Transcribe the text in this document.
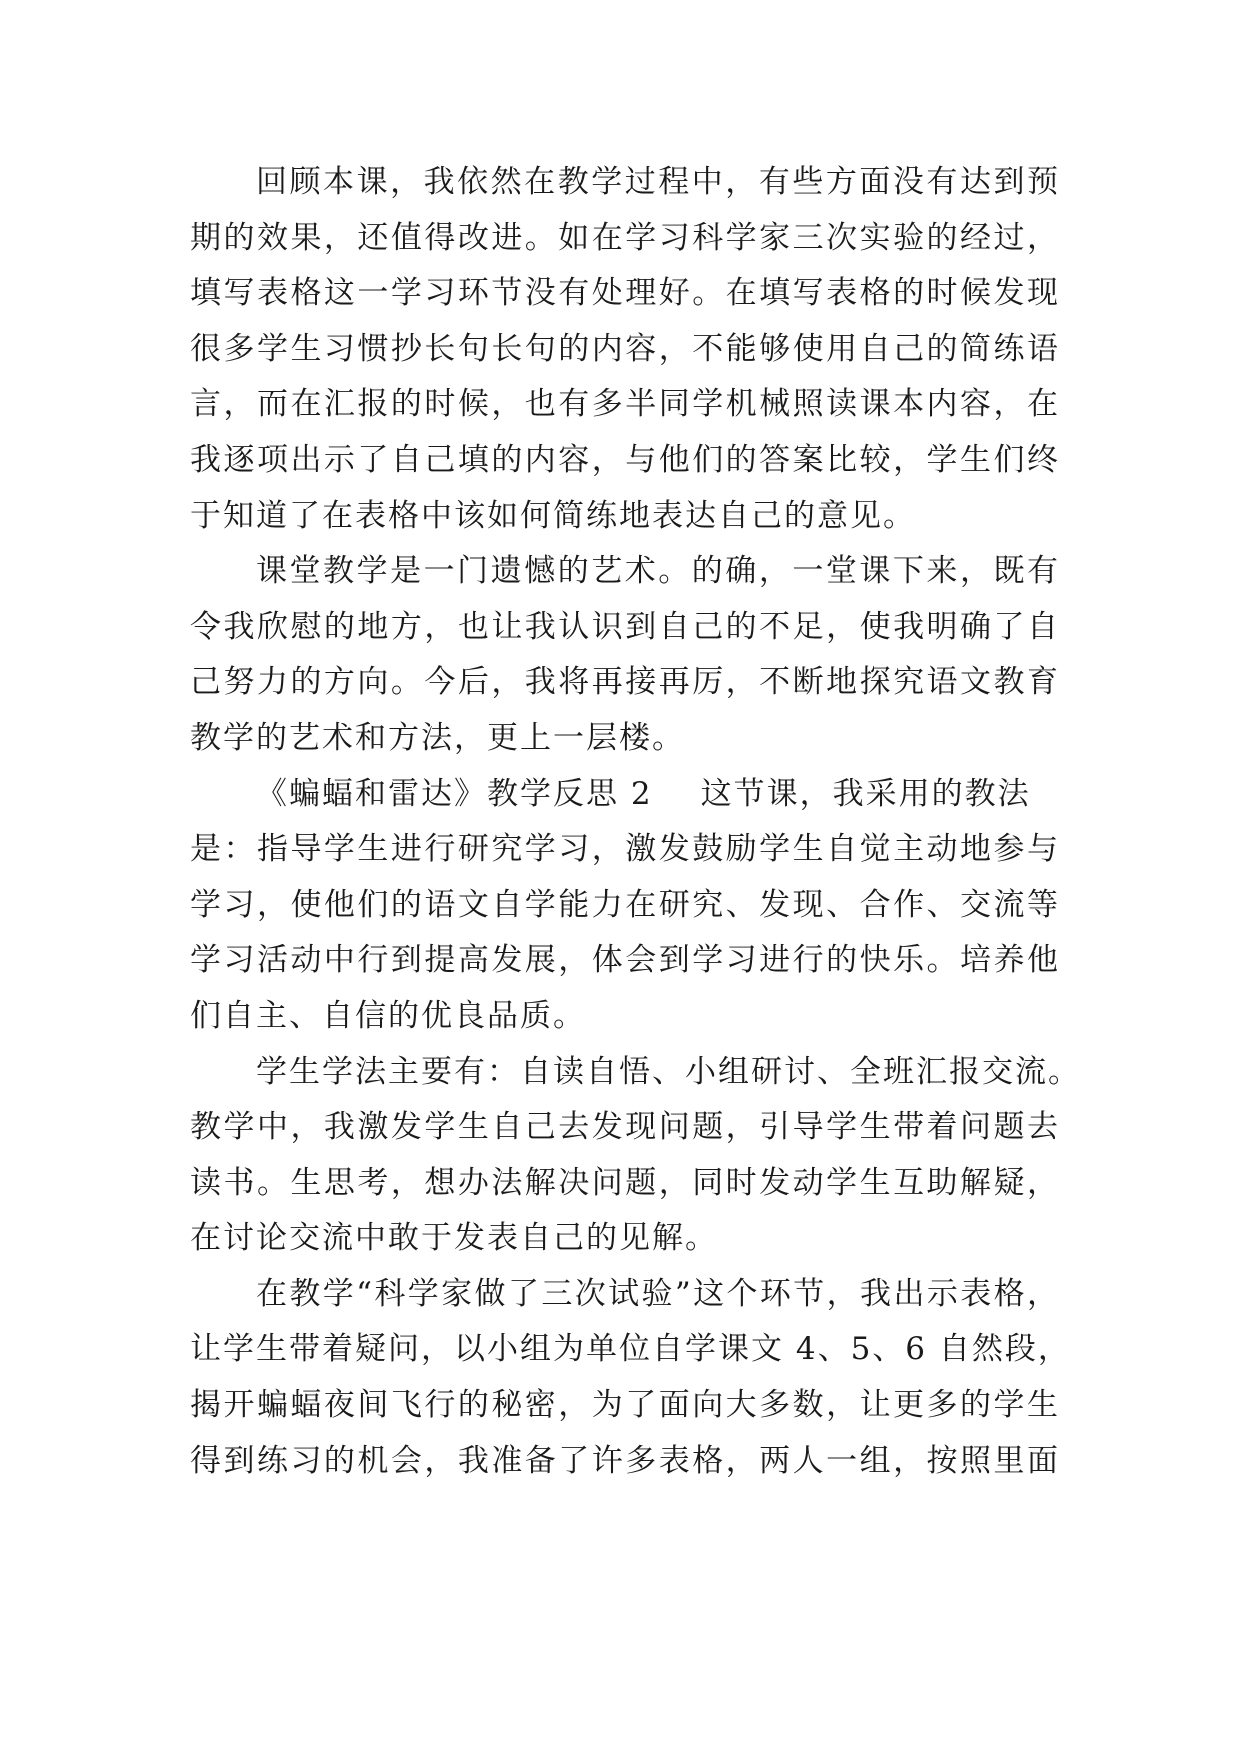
回顾本课，我依然在教学过程中，有些方面没有达到预
期的效果，还值得改进。如在学习科学家三次实验的经过，
填写表格这一学习环节没有处理好。在填写表格的时候发现
很多学生习惯抄长句长句的内容，不能够使用自己的简练语
言，而在汇报的时候，也有多半同学机械照读课本内容，在
我逐项出示了自己填的内容，与他们的答案比较，学生们终
于知道了在表格中该如何简练地表达自己的意见。
课堂教学是一门遗憾的艺术。的确，一堂课下来，既有
令我欣慰的地方，也让我认识到自己的不足，使我明确了自
己努力的方向。今后，我将再接再厉，不断地探究语文教育
教学的艺术和方法，更上一层楼。
《蝙蝠和雷达》教学反思 2 这节课，我采用的教法
是：指导学生进行研究学习，激发鼓励学生自觉主动地参与
学习，使他们的语文自学能力在研究、发现、合作、交流等
学习活动中行到提高发展，体会到学习进行的快乐。培养他
们自主、自信的优良品质。
学生学法主要有：自读自悟、小组研讨、全班汇报交流。
教学中，我激发学生自己去发现问题，引导学生带着问题去
读书。生思考，想办法解决问题，同时发动学生互助解疑，
在讨论交流中敢于发表自己的见解。
在教学“科学家做了三次试验”这个环节，我出示表格，
让学生带着疑问，以小组为单位自学课文 4、5、6 自然段，
揭开蝙蝠夜间飞行的秘密，为了面向大多数，让更多的学生
得到练习的机会，我准备了许多表格，两人一组，按照里面
